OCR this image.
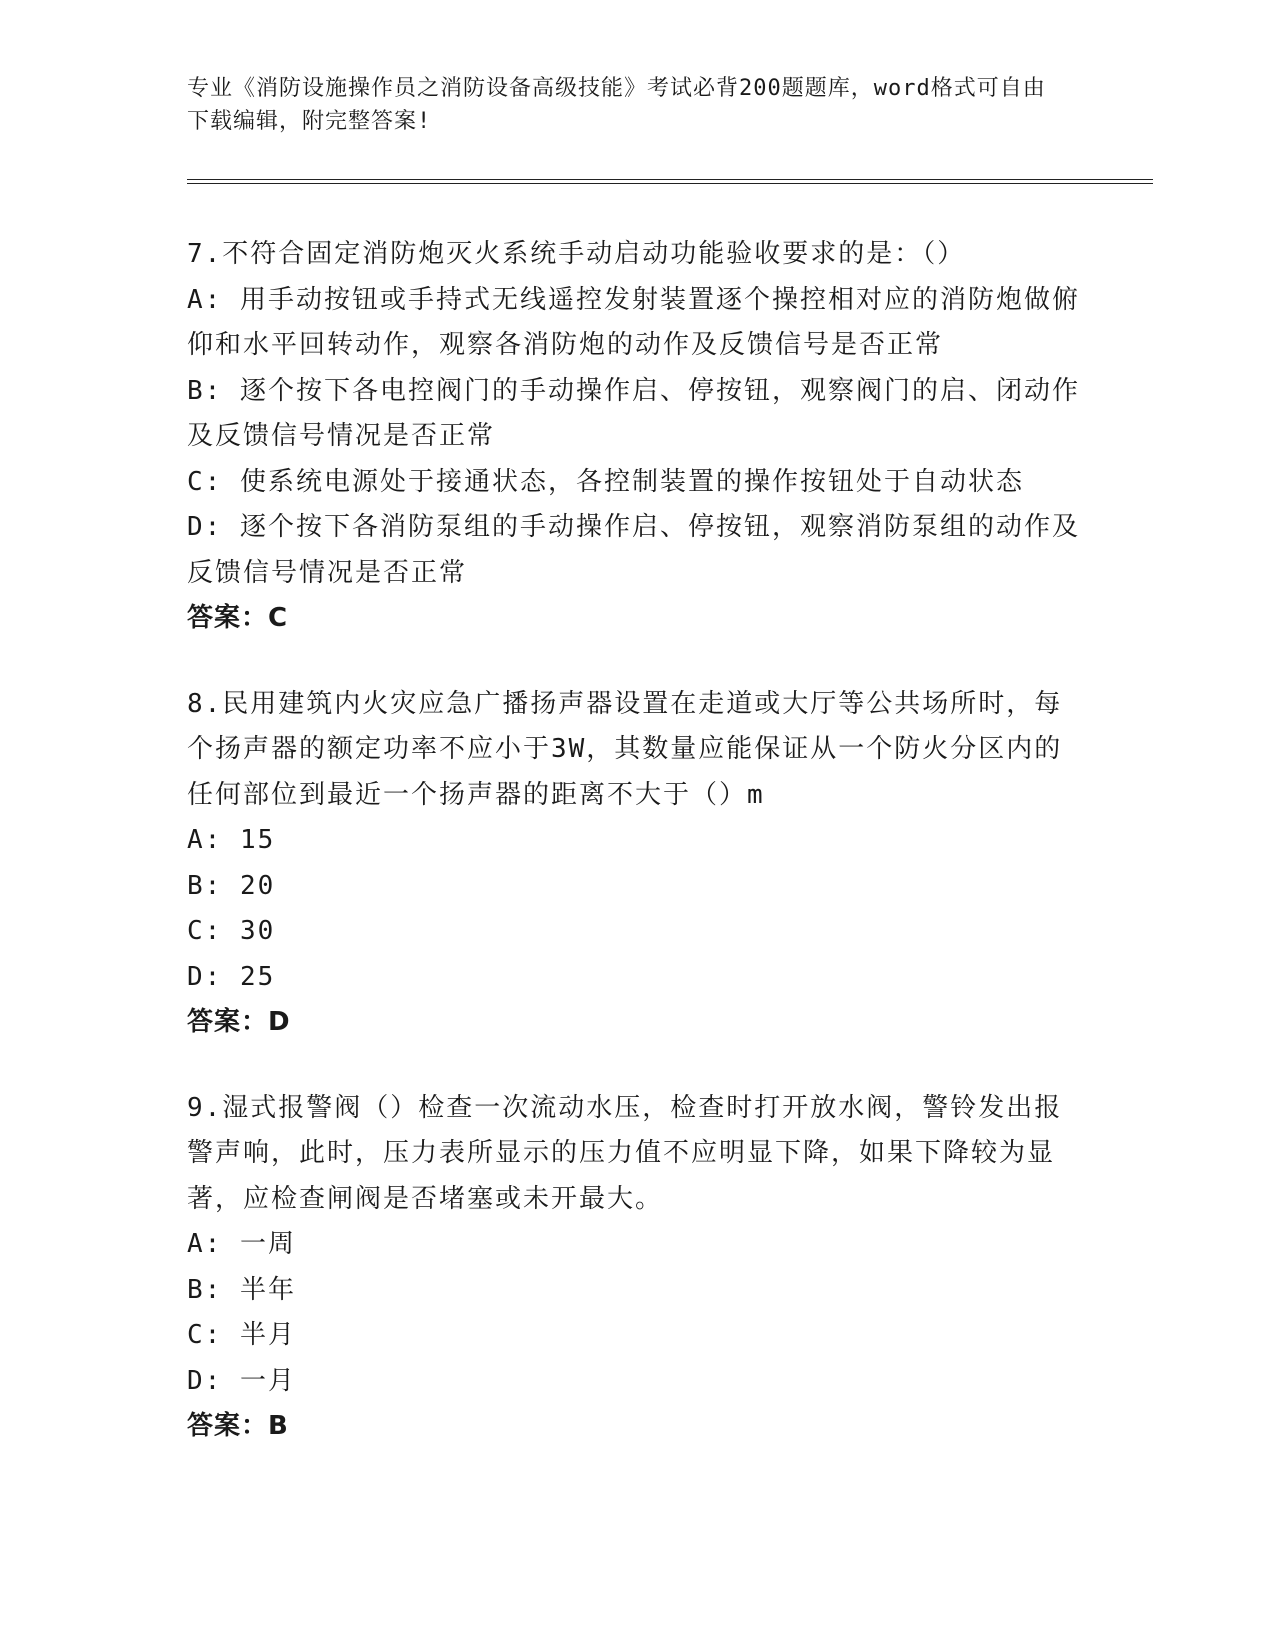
专业《消防设施操作员之消防设备高级技能》考试必背200题题库，word格式可自由下载编辑，附完整答案!
7.不符合固定消防炮灭火系统手动启动功能验收要求的是：（）
A: 用手动按钮或手持式无线遥控发射装置逐个操控相对应的消防炮做俯仰和水平回转动作，观察各消防炮的动作及反馈信号是否正常
B: 逐个按下各电控阀门的手动操作启、停按钮，观察阀门的启、闭动作及反馈信号情况是否正常
C: 使系统电源处于接通状态，各控制装置的操作按钮处于自动状态
D: 逐个按下各消防泵组的手动操作启、停按钮，观察消防泵组的动作及反馈信号情况是否正常
答案：C
8.民用建筑内火灾应急广播扬声器设置在走道或大厅等公共场所时，每个扬声器的额定功率不应小于3W，其数量应能保证从一个防火分区内的任何部位到最近一个扬声器的距离不大于（）m
A: 15
B: 20
C: 30
D: 25
答案：D
9.湿式报警阀（）检查一次流动水压，检查时打开放水阀，警铃发出报警声响，此时，压力表所显示的压力值不应明显下降，如果下降较为显著，应检查闸阀是否堵塞或未开最大。
A: 一周
B: 半年
C: 半月
D: 一月
答案：B
